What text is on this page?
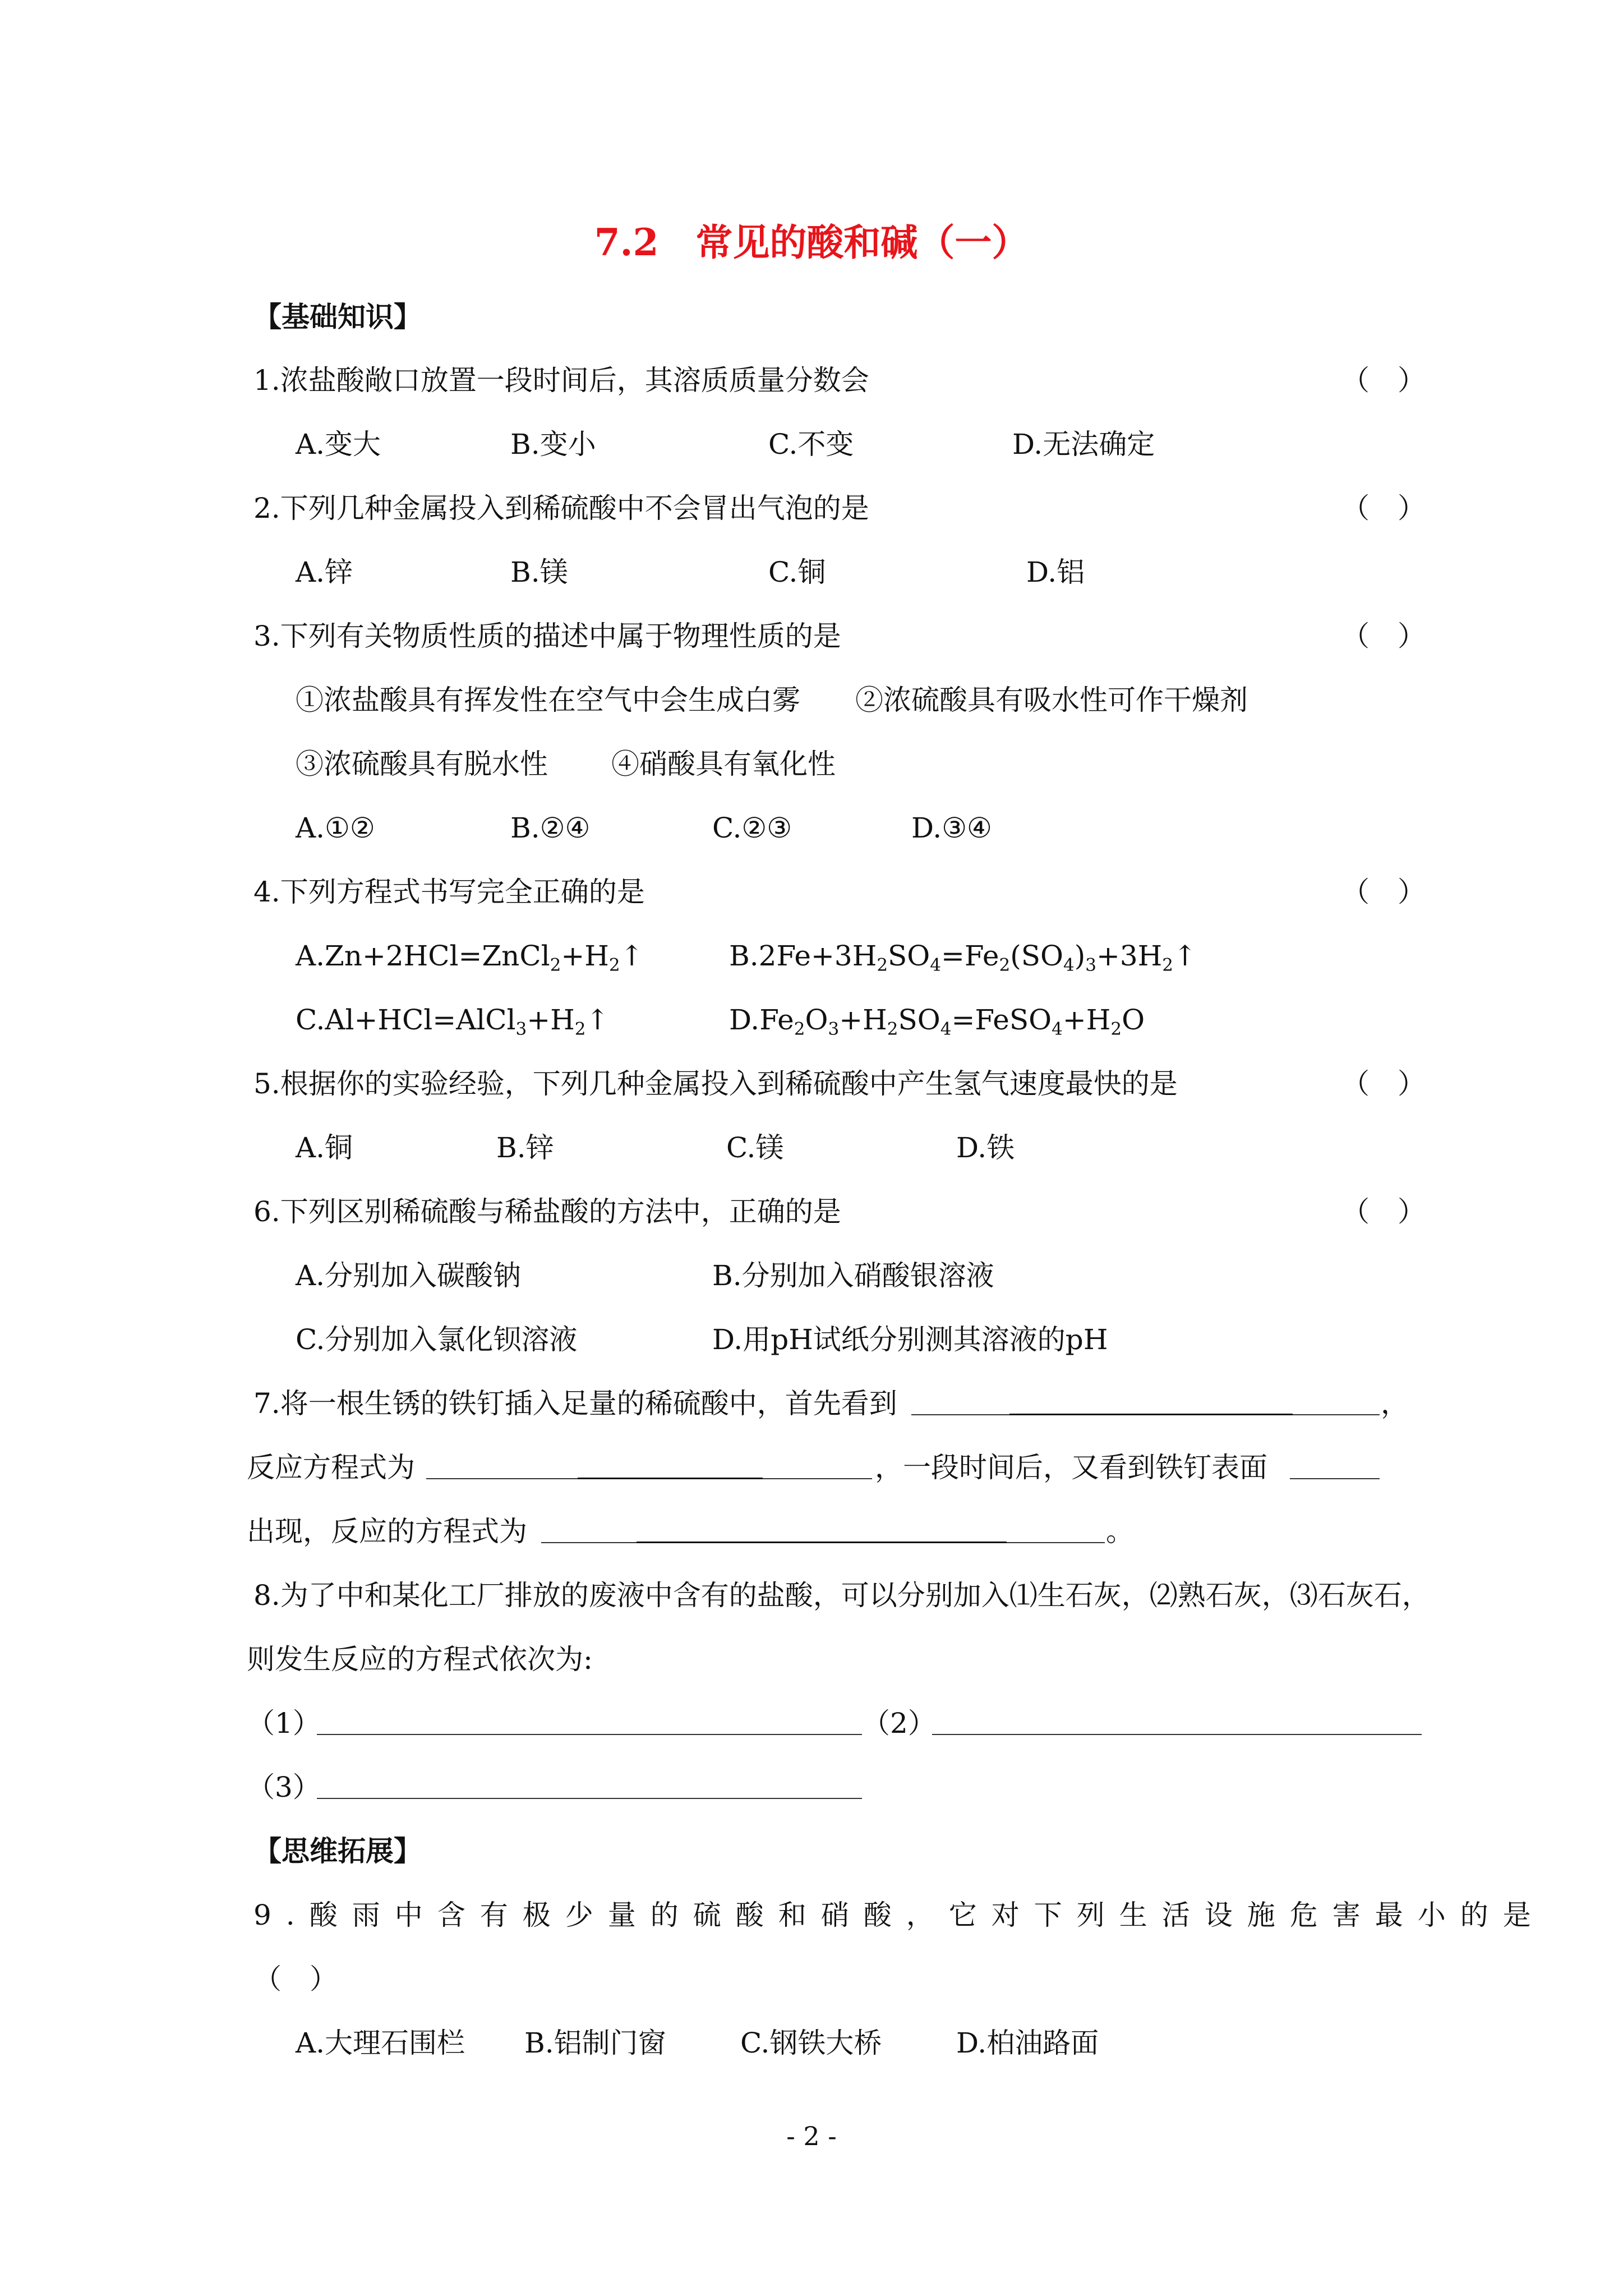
7.2　常见的酸和碱（一）
【基础知识】
1.浓盐酸敞口放置一段时间后，其溶质质量分数会	（　）
A.变大	B.变小	C.不变	D.无法确定
2.下列几种金属投入到稀硫酸中不会冒出气泡的是	（　）
A.锌	B.镁	C.铜	D.铝
3.下列有关物质性质的描述中属于物理性质的是	（　）
①浓盐酸具有挥发性在空气中会生成白雾 ②浓硫酸具有吸水性可作干燥剂
③浓硫酸具有脱水性 ④硝酸具有氧化性
A.①②	B.②④	C.②③	D.③④
4.下列方程式书写完全正确的是	（　）
$A.Zn+2HCl=ZnCl_2+H_2↑$	$B.2Fe+3H_2SO_4=Fe_2(SO_4)_3+3H_2↑$
$C.Al+HCl=AlCl_3+H_2↑$	$D.Fe_2O_3+H_2SO_4=FeSO_4+H_2O$
5.根据你的实验经验，下列几种金属投入到稀硫酸中产生氢气速度最快的是	（　）
A.铜	B.锌	C.镁	D.铁
6.下列区别稀硫酸与稀盐酸的方法中，正确的是	（　）
A.分别加入碳酸钠	B.分别加入硝酸银溶液
C.分别加入氯化钡溶液	D.用pH试纸分别测其溶液的pH
7.将一根生锈的铁钉插入足量的稀硫酸中，首先看到	，
反应方程式为	，一段时间后，又看到铁钉表面
出现，反应的方程式为	。
8.为了中和某化工厂排放的废液中含有的盐酸，可以分别加入⑴生石灰，⑵熟石灰，⑶石灰石，
则发生反应的方程式依次为:
（1）	（2）
（3）
【思维拓展】
9.酸雨中含有极少量的硫酸和硝酸，它对下列生活设施危害最小的是
（　）
A.大理石围栏 B.铝制门窗	C.钢铁大桥	D.柏油路面
- 2 -
